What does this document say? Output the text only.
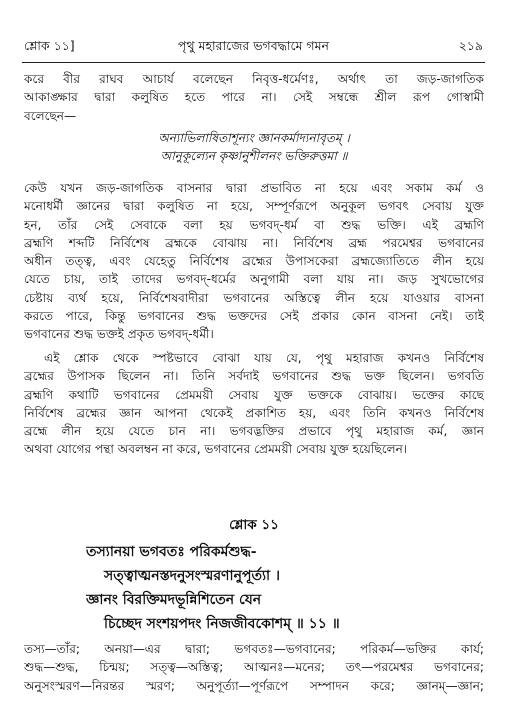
শ্লোক ১১]	পৃথু মহারাজের ভগবদ্ধামে গমন	২১৯
করে বীর রাঘব আচার্য বলেছেন নিবৃত্ত-ধর্মেণঃ, অর্থাৎ তা জড়-জাগতিক
আকাঙ্ক্ষার দ্বারা কলুষিত হতে পারে না। সেই সম্বন্ধে শ্রীল রূপ গোস্বামী
বলেছেন—
অন্যাভিলাষিতাশূন্যং জ্ঞানকর্মাদ্যনাবৃতম্ ।
আনুকূল্যেন কৃষ্ণানুশীলনং ভক্তিরুত্তমা ॥
কেউ যখন জড়-জাগতিক বাসনার দ্বারা প্রভাবিত না হয়ে এবং সকাম কর্ম ও
মনোধর্মী জ্ঞানের দ্বারা কলুষিত না হয়ে, সম্পূর্ণরূপে অনুকূল ভগবৎ সেবায় যুক্ত
হন, তাঁর সেই সেবাকে বলা হয় ভগবদ্-ধর্ম বা শুদ্ধ ভক্তি। এই ব্রহ্মণি
ব্রহ্মণি শব্দটি নির্বিশেষ ব্রহ্মকে বোঝায় না। নির্বিশেষ ব্রহ্ম পরমেশ্বর ভগবানের
অধীন তত্ত্ব, এবং যেহেতু নির্বিশেষ ব্রহ্মের উপাসকেরা ব্রহ্মজ্যোতিতে লীন হয়ে
যেতে চায়, তাই তাদের ভগবদ্-ধর্মের অনুগামী বলা যায় না। জড় সুখভোগের
চেষ্টায় ব্যর্থ হয়ে, নির্বিশেষবাদীরা ভগবানের অস্তিত্বে লীন হয়ে যাওয়ার বাসনা
করতে পারে, কিন্তু ভগবানের শুদ্ধ ভক্তদের সেই প্রকার কোন বাসনা নেই। তাই
ভগবানের শুদ্ধ ভক্তই প্রকৃত ভগবদ্-ধর্মী।
এই শ্লোক থেকে স্পষ্টভাবে বোঝা যায় যে, পৃথু মহারাজ কখনও নির্বিশেষ
ব্রহ্মের উপাসক ছিলেন না। তিনি সর্বদাই ভগবানের শুদ্ধ ভক্ত ছিলেন। ভগবতি
ব্রহ্মণি কথাটি ভগবানের প্রেমময়ী সেবায় যুক্ত ভক্তকে বোঝায়। ভক্তের কাছে
নির্বিশেষ ব্রহ্মের জ্ঞান আপনা থেকেই প্রকাশিত হয়, এবং তিনি কখনও নির্বিশেষ
ব্রহ্মে লীন হয়ে যেতে চান না। ভগবদ্ভক্তির প্রভাবে পৃথু মহারাজ কর্ম, জ্ঞান
অথবা যোগের পন্থা অবলম্বন না করে, ভগবানের প্রেমময়ী সেবায় যুক্ত হয়েছিলেন।
শ্লোক ১১
তস্যানয়া ভগবতঃ পরিকর্মশুদ্ধ-
সত্ত্বাত্মনস্তদনুসংস্মরণানুপূর্ত্যা ।
জ্ঞানং বিরক্তিমদভূন্নিশিতেন যেন
চিচ্ছেদ সংশয়পদং নিজজীবকোশম্ ॥ ১১ ॥
তস্য—তাঁর; অনয়া—এর দ্বারা; ভগবতঃ—ভগবানের; পরিকর্ম—ভক্তির কার্য;
শুদ্ধ—শুদ্ধ, চিন্ময়; সত্ত্ব—অস্তিত্ব; আত্মনঃ—মনের; তৎ—পরমেশ্বর ভগবানের;
অনুসংস্মরণ—নিরন্তর স্মরণ; অনুপূর্ত্যা—পূর্ণরূপে সম্পাদন করে; জ্ঞানম্—জ্ঞান;
